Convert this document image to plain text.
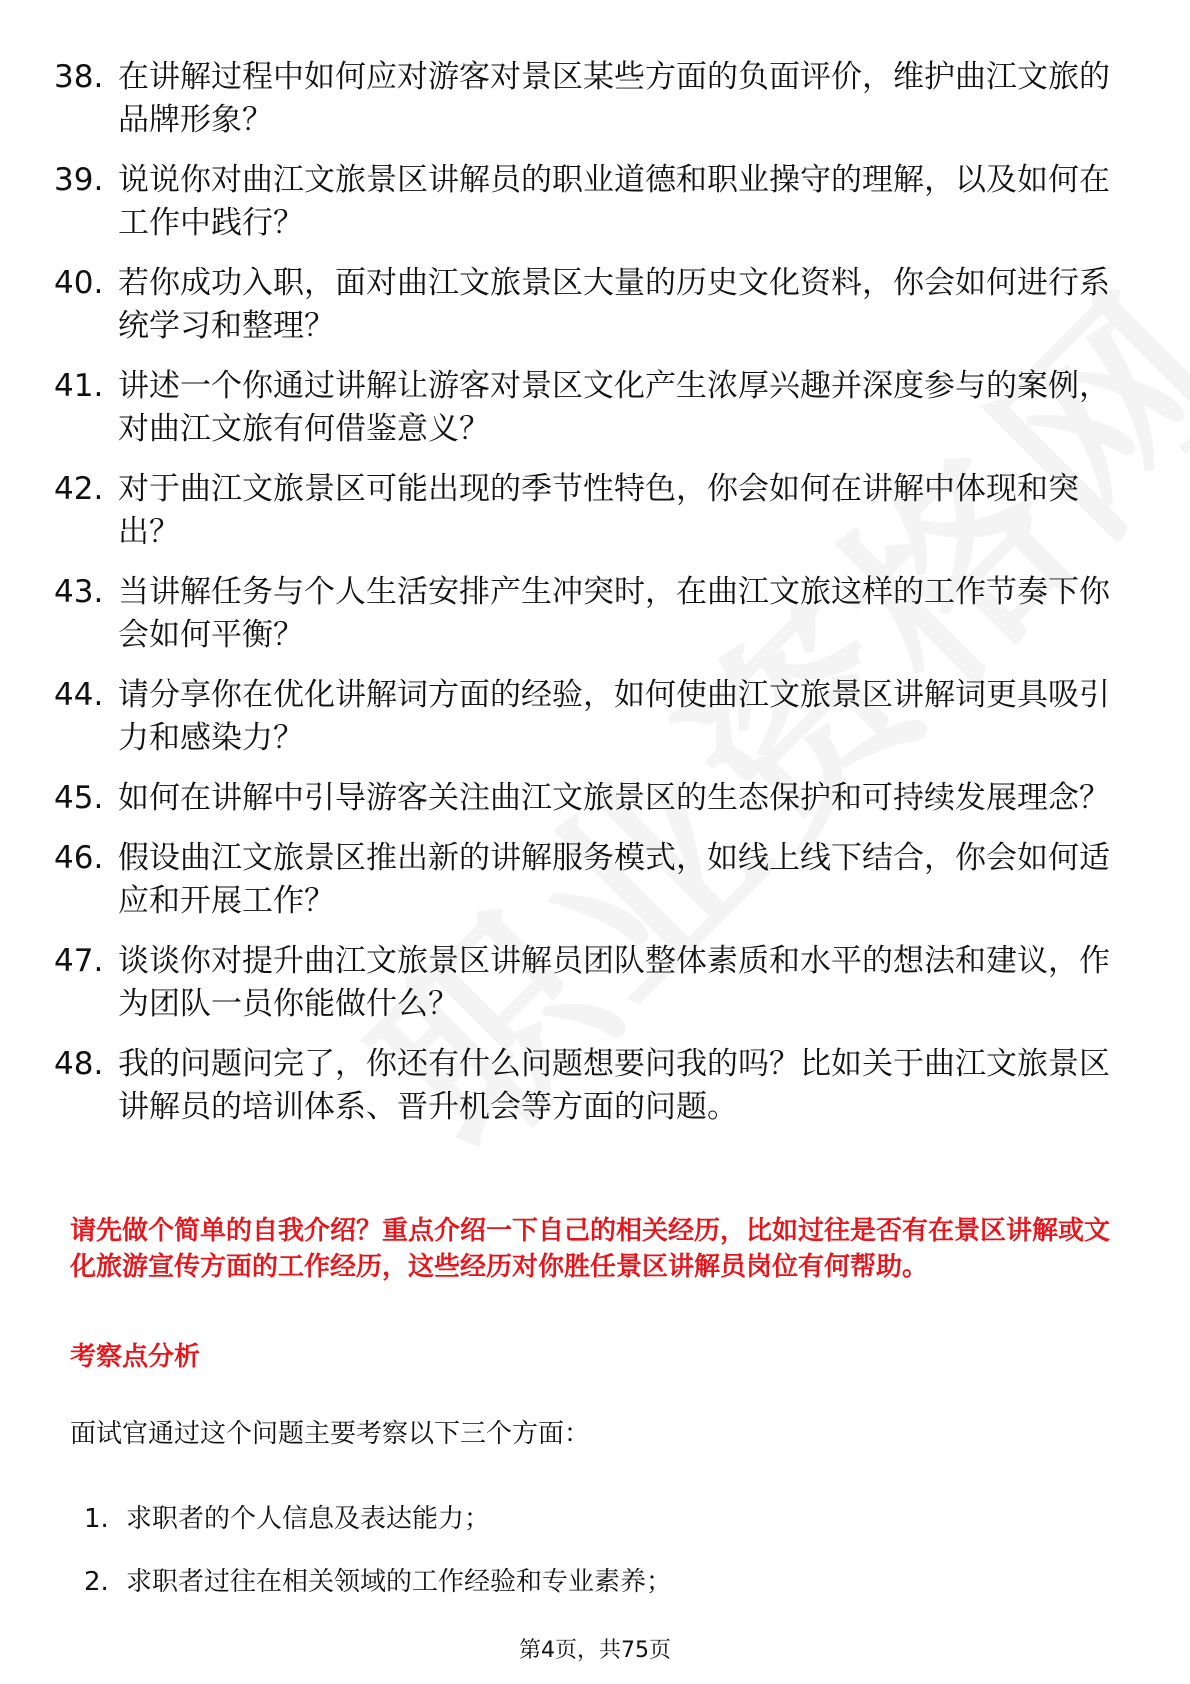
38. 在讲解过程中如何应对游客对景区某些方面的负面评价，维护曲江文旅的品牌形象？
39. 说说你对曲江文旅景区讲解员的职业道德和职业操守的理解，以及如何在工作中践行？
40. 若你成功入职，面对曲江文旅景区大量的历史文化资料，你会如何进行系统学习和整理？
41. 讲述一个你通过讲解让游客对景区文化产生浓厚兴趣并深度参与的案例，对曲江文旅有何借鉴意义？
42. 对于曲江文旅景区可能出现的季节性特色，你会如何在讲解中体现和突出？
43. 当讲解任务与个人生活安排产生冲突时，在曲江文旅这样的工作节奏下你会如何平衡？
44. 请分享你在优化讲解词方面的经验，如何使曲江文旅景区讲解词更具吸引力和感染力？
45. 如何在讲解中引导游客关注曲江文旅景区的生态保护和可持续发展理念？
46. 假设曲江文旅景区推出新的讲解服务模式，如线上线下结合，你会如何适应和开展工作？
47. 谈谈你对提升曲江文旅景区讲解员团队整体素质和水平的想法和建议，作为团队一员你能做什么？
48. 我的问题问完了，你还有什么问题想要问我的吗？比如关于曲江文旅景区讲解员的培训体系、晋升机会等方面的问题。

请先做个简单的自我介绍？重点介绍一下自己的相关经历，比如过往是否有在景区讲解或文化旅游宣传方面的工作经历，这些经历对你胜任景区讲解员岗位有何帮助。

考察点分析

面试官通过这个问题主要考察以下三个方面：

1. 求职者的个人信息及表达能力；
2. 求职者过往在相关领域的工作经验和专业素养；
第4页，共75页
